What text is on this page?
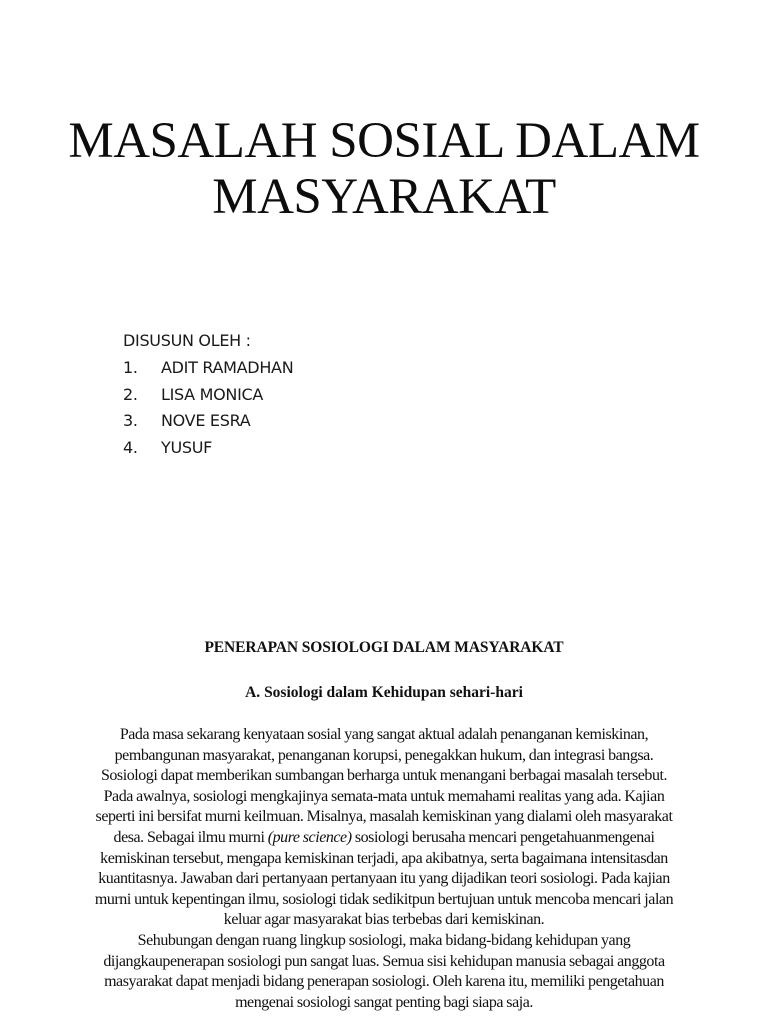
MASALAH SOSIAL DALAM
MASYARAKAT
DISUSUN OLEH :
1.	ADIT RAMADHAN
2.	LISA MONICA
3.	NOVE ESRA
4.	YUSUF
PENERAPAN SOSIOLOGI DALAM MASYARAKAT
A. Sosiologi dalam Kehidupan sehari-hari

Pada masa sekarang kenyataan sosial yang sangat aktual adalah penanganan kemiskinan,
pembangunan masyarakat, penanganan korupsi, penegakkan hukum, dan integrasi bangsa.
Sosiologi dapat memberikan sumbangan berharga untuk menangani berbagai masalah tersebut.
Pada awalnya, sosiologi mengkajinya semata-mata untuk memahami realitas yang ada. Kajian
seperti ini bersifat murni keilmuan. Misalnya, masalah kemiskinan yang dialami oleh masyarakat
desa. Sebagai ilmu murni (pure science) sosiologi berusaha mencari pengetahuanmengenai
kemiskinan tersebut, mengapa kemiskinan terjadi, apa akibatnya, serta bagaimana intensitasdan
kuantitasnya. Jawaban dari pertanyaan pertanyaan itu yang dijadikan teori sosiologi. Pada kajian
murni untuk kepentingan ilmu, sosiologi tidak sedikitpun bertujuan untuk mencoba mencari jalan
keluar agar masyarakat bias terbebas dari kemiskinan.

Sehubungan dengan ruang lingkup sosiologi, maka bidang-bidang kehidupan yang
dijangkaupenerapan sosiologi pun sangat luas. Semua sisi kehidupan manusia sebagai anggota
masyarakat dapat menjadi bidang penerapan sosiologi. Oleh karena itu, memiliki pengetahuan
mengenai sosiologi sangat penting bagi siapa saja.
